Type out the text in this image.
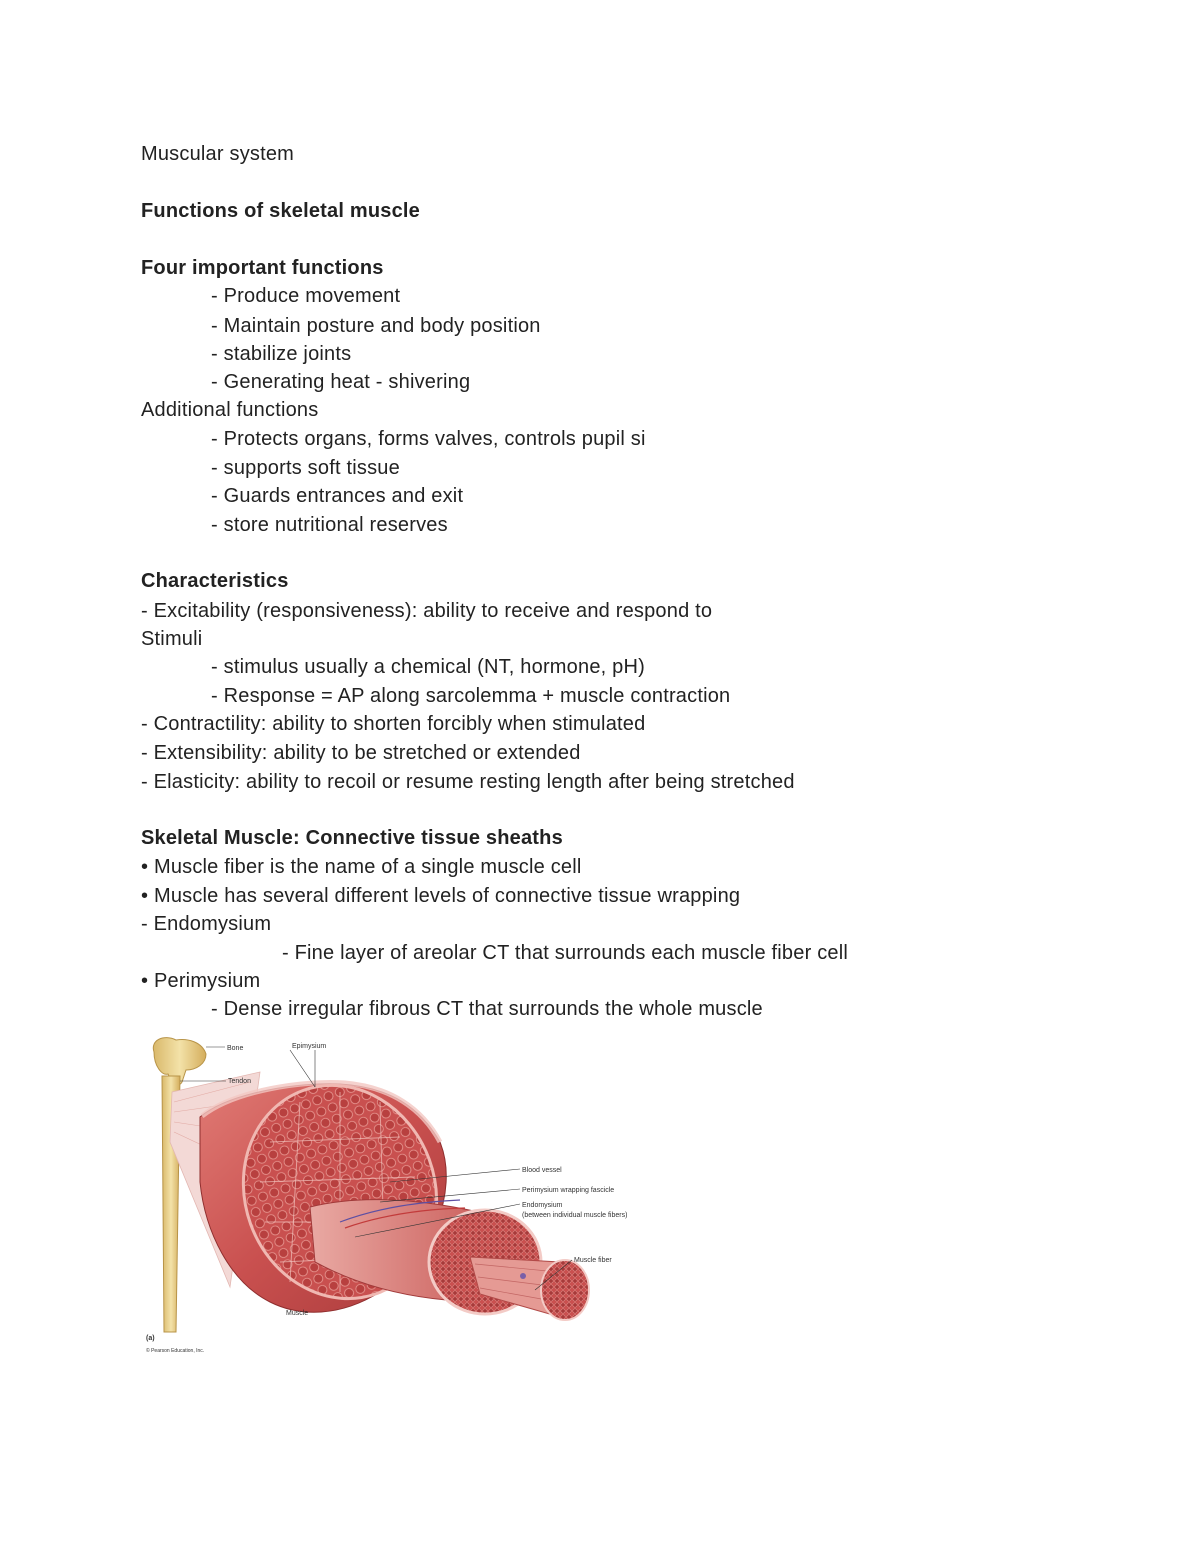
Muscular system
Functions of skeletal muscle
Four important functions
- Produce movement
- Maintain posture and body position
- stabilize joints
- Generating heat - shivering
Additional functions
- Protects organs, forms valves, controls pupil si
- supports soft tissue
- Guards entrances and exit
- store nutritional reserves
Characteristics
- Excitability (responsiveness): ability to receive and respond to
Stimuli
- stimulus usually a chemical (NT, hormone, pH)
- Response = AP along sarcolemma + muscle contraction
- Contractility: ability to shorten forcibly when stimulated
- Extensibility: ability to be stretched or extended
- Elasticity: ability to recoil or resume resting length after being stretched
Skeletal Muscle: Connective tissue sheaths
• Muscle fiber is the name of a single muscle cell
• Muscle has several different levels of connective tissue wrapping
- Endomysium
- Fine layer of areolar CT that surrounds each muscle fiber cell
• Perimysium
- Dense irregular fibrous CT that surrounds the whole muscle
Bone	Epimysium
Tendon
Blood vessel
Perimysium wrapping fascicle
Endomysium
(between individual muscle fibers)
Muscle fiber
Muscle
(a)
© Pearson Education, Inc.
